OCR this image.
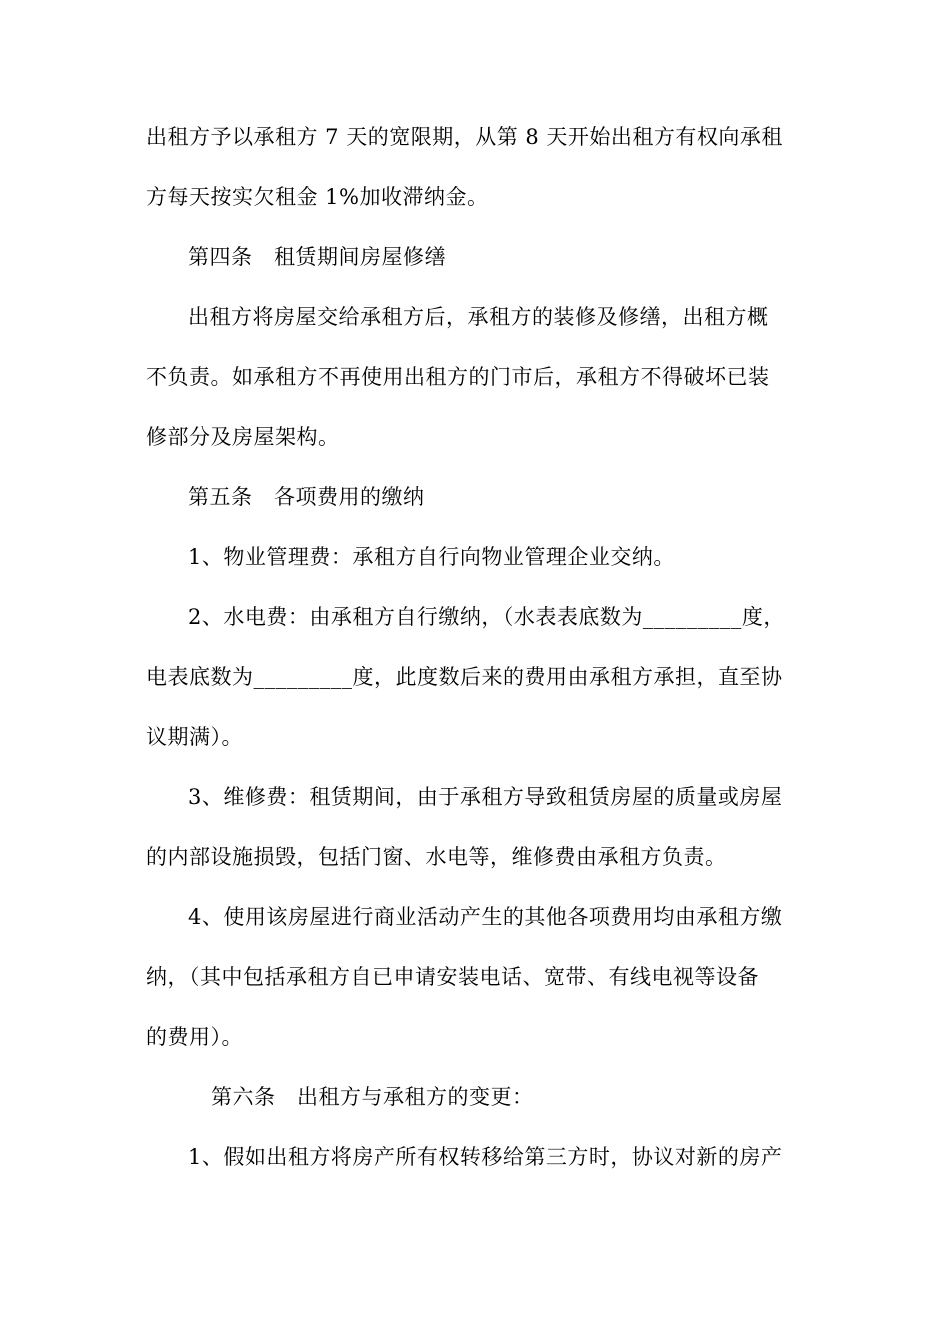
出租方予以承租方 7 天的宽限期，从第 8 天开始出租方有权向承租
方每天按实欠租金 1%加收滞纳金。
第四条　租赁期间房屋修缮
出租方将房屋交给承租方后，承租方的装修及修缮，出租方概
不负责。如承租方不再使用出租方的门市后，承租方不得破坏已装
修部分及房屋架构。
第五条　各项费用的缴纳
1、物业管理费：承租方自行向物业管理企业交纳。
2、水电费：由承租方自行缴纳，（水表表底数为_________度，
电表底数为_________度，此度数后来的费用由承租方承担，直至协
议期满）。
3、维修费：租赁期间，由于承租方导致租赁房屋的质量或房屋
的内部设施损毁，包括门窗、水电等，维修费由承租方负责。
4、使用该房屋进行商业活动产生的其他各项费用均由承租方缴
纳，（其中包括承租方自已申请安装电话、宽带、有线电视等设备
的费用）。
第六条　出租方与承租方的变更：
1、假如出租方将房产所有权转移给第三方时，协议对新的房产
